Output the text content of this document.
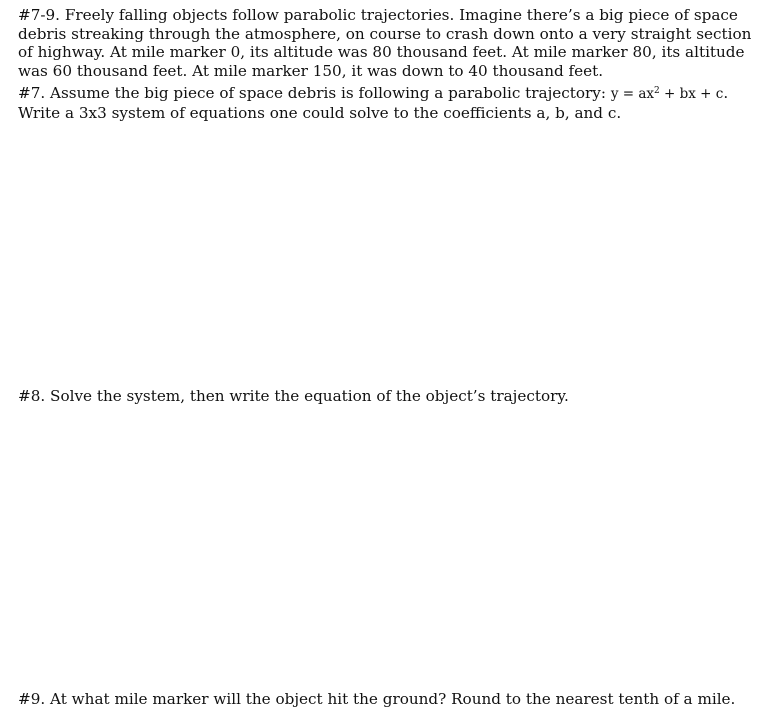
#7-9. Freely falling objects follow parabolic trajectories. Imagine there’s a big piece of space debris streaking through the atmosphere, on course to crash down onto a very straight section of highway. At mile marker 0, its altitude was 80 thousand feet. At mile marker 80, its altitude was 60 thousand feet. At mile marker 150, it was down to 40 thousand feet.

#7. Assume the big piece of space debris is following a parabolic trajectory: $y = ax^2$ + bx + c. Write a 3x3 system of equations one could solve to the coefficients a, b, and c.

#8. Solve the system, then write the equation of the object’s trajectory.

#9. At what mile marker will the object hit the ground? Round to the nearest tenth of a mile.
